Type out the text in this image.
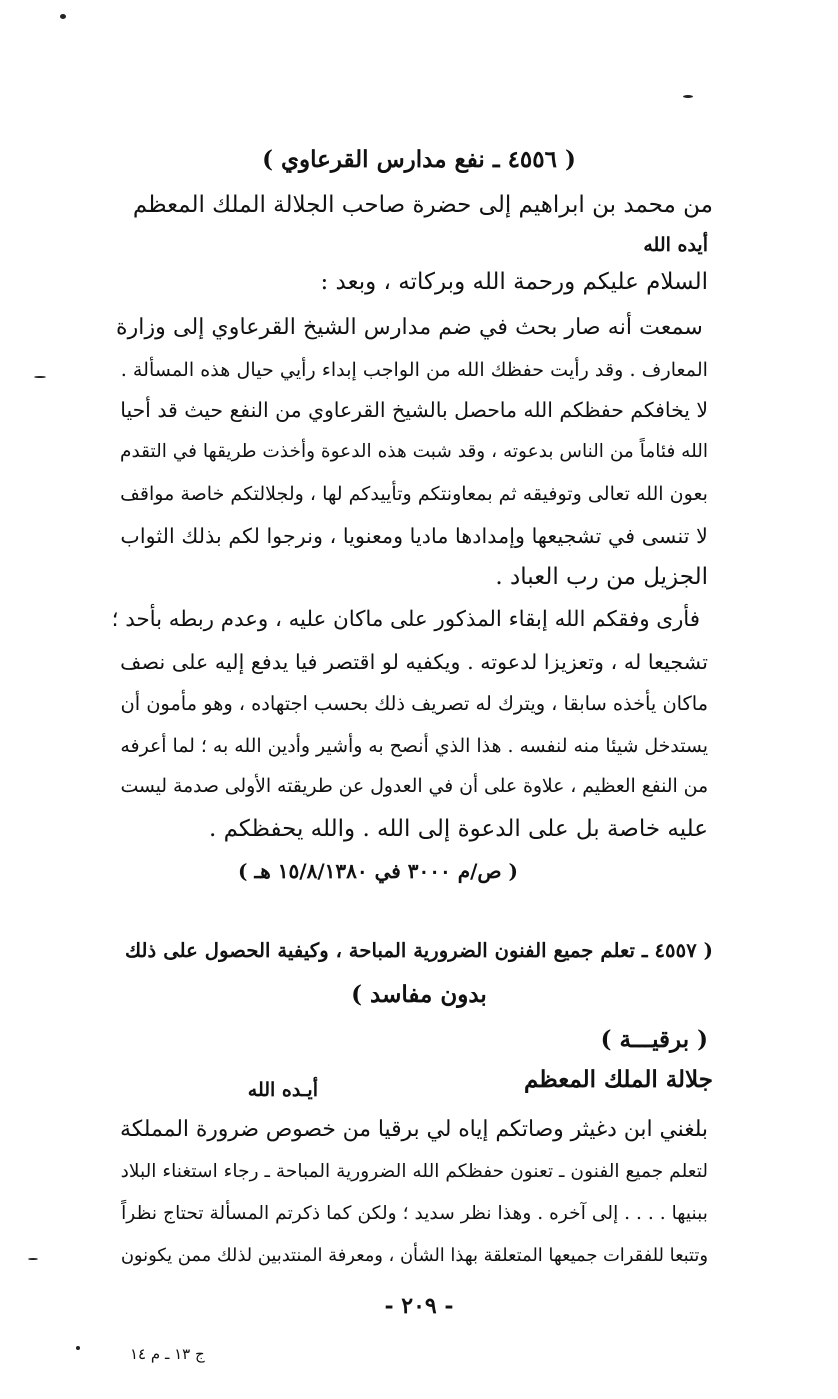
( ٤٥٥٦ ـ نفع مدارس القرعاوي )
من محمد بن ابراهيم إلى حضرة صاحب الجلالة الملك المعظم
أيده الله
السلام عليكم ورحمة الله وبركاته ، وبعد :
سمعت أنه صار بحث في ضم مدارس الشيخ القرعاوي إلى وزارة
المعارف . وقد رأيت حفظك الله من الواجب إبداء رأيي حيال هذه المسألة .
لا يخافكم حفظكم الله ماحصل بالشيخ القرعاوي من النفع حيث قد أحيا
الله فئاماً من الناس بدعوته ، وقد شبت هذه الدعوة وأخذت طريقها في التقدم
بعون الله تعالى وتوفيقه ثم بمعاونتكم وتأييدكم لها ، ولجلالتكم خاصة مواقف
لا تنسى في تشجيعها وإمدادها ماديا ومعنويا ، ونرجوا لكم بذلك الثواب
الجزيل من رب العباد .
فأرى وفقكم الله إبقاء المذكور على ماكان عليه ، وعدم ربطه بأحد ؛
تشجيعا له ، وتعزيزا لدعوته . ويكفيه لو اقتصر فيا يدفع إليه على نصف
ماكان يأخذه سابقا ، ويترك له تصريف ذلك بحسب اجتهاده ، وهو مأمون أن
يستدخل شيئا منه لنفسه . هذا الذي أنصح به وأشير وأدين الله به ؛ لما أعرفه
من النفع العظيم ، علاوة على أن في العدول عن طريقته الأولى صدمة ليست
عليه خاصة بل على الدعوة إلى الله . والله يحفظكم .
( ص/م ٣٠٠٠ في ١٥/٨/١٣٨٠ هـ )
( ٤٥٥٧ ـ تعلم جميع الفنون الضرورية المباحة ، وكيفية الحصول على ذلك
بدون مفاسد )
( برقيـــة )
جلالة الملك المعظم
أيـده الله
بلغني ابن دغيثر وصاتكم إياه لي برقيا من خصوص ضرورة المملكة
لتعلم جميع الفنون ـ تعنون حفظكم الله الضرورية المباحة ـ رجاء استغناء البلاد
ببنيها . . . . إلى آخره . وهذا نظر سديد ؛ ولكن كما ذكرتم المسألة تحتاج نظراً
وتتبعا للفقرات جميعها المتعلقة بهذا الشأن ، ومعرفة المنتدبين لذلك ممن يكونون
- ٢٠٩ -
ج ١٣ ـ م ١٤
